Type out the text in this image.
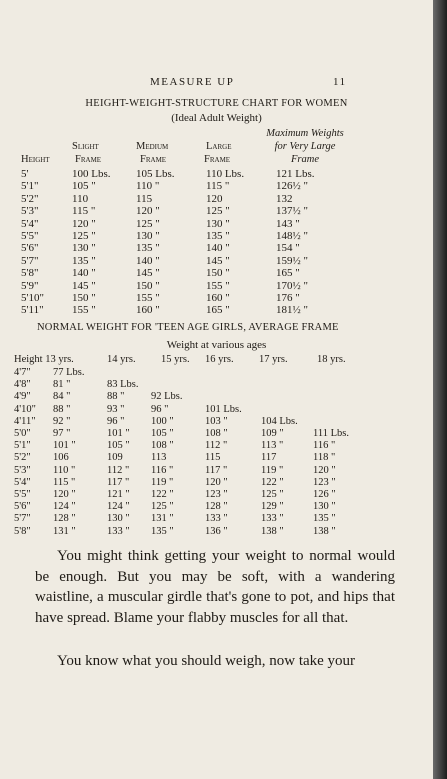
MEASURE UP	11
HEIGHT-WEIGHT-STRUCTURE CHART FOR WOMEN
(Ideal Adult Weight)
Maximum Weights
for Very Large
Frame
Slight
Frame
Medium
Frame
Large
Frame
Height
5'	100 Lbs. 105 Lbs.	110 Lbs.	121 Lbs.
5'1"	105 "	110 "	115 "	126½ "
5'2"	110	115	120	132
5'3"	115 "	120 "	125 "	137½ "
5'4"	120 "	125 "	130 "	143 "
5'5"	125 "	130 "	135 "	148½ "
5'6"	130 "	135 "	140 "	154 "
5'7"	135 "	140 "	145 "	159½ "
5'8"	140 "	145 "	150 "	165 "
5'9"	145 "	150 "	155 "	170½ "
5'10"	150 "	155 "	160 "	176 "
5'11"	155 "	160 "	165 "	181½ "
NORMAL WEIGHT FOR 'TEEN AGE GIRLS, AVERAGE FRAME
Weight at various ages
Height 13 yrs.	14 yrs. 15 yrs. 16 yrs. 17 yrs.	18 yrs.
4'7" 77 Lbs.
4'8" 81 "	83 Lbs.
4'9" 84 "	88 "	92 Lbs.
4'10" 88 "	93 "	96 "	101 Lbs.
4'11" 92 "	96 "	100 "	103 "	104 Lbs.
5'0" 97 "	101 " 105 "	108 "	109 "	111 Lbs.
5'1" 101 "	105 " 108 "	112 "	113 "	116 "
5'2" 106	109	113	115	117	118 "
5'3" 110 "	112 " 116 "	117 "	119 "	120 "
5'4" 115 "	117 " 119 "	120 "	122 "	123 "
5'5" 120 "	121 " 122 "	123 "	125 "	126 "
5'6" 124 "	124 " 125 "	128 "	129 "	130 "
5'7" 128 "	130 " 131 "	133 "	133 "	135 "
5'8" 131 "	133 " 135 "	136 "	138 "	138 "

You might think getting your weight to normal would be enough. But you may be soft, with a wandering waistline, a muscular girdle that's gone to pot, and hips that have spread. Blame your flabby muscles for all that.

You know what you should weigh, now take your
